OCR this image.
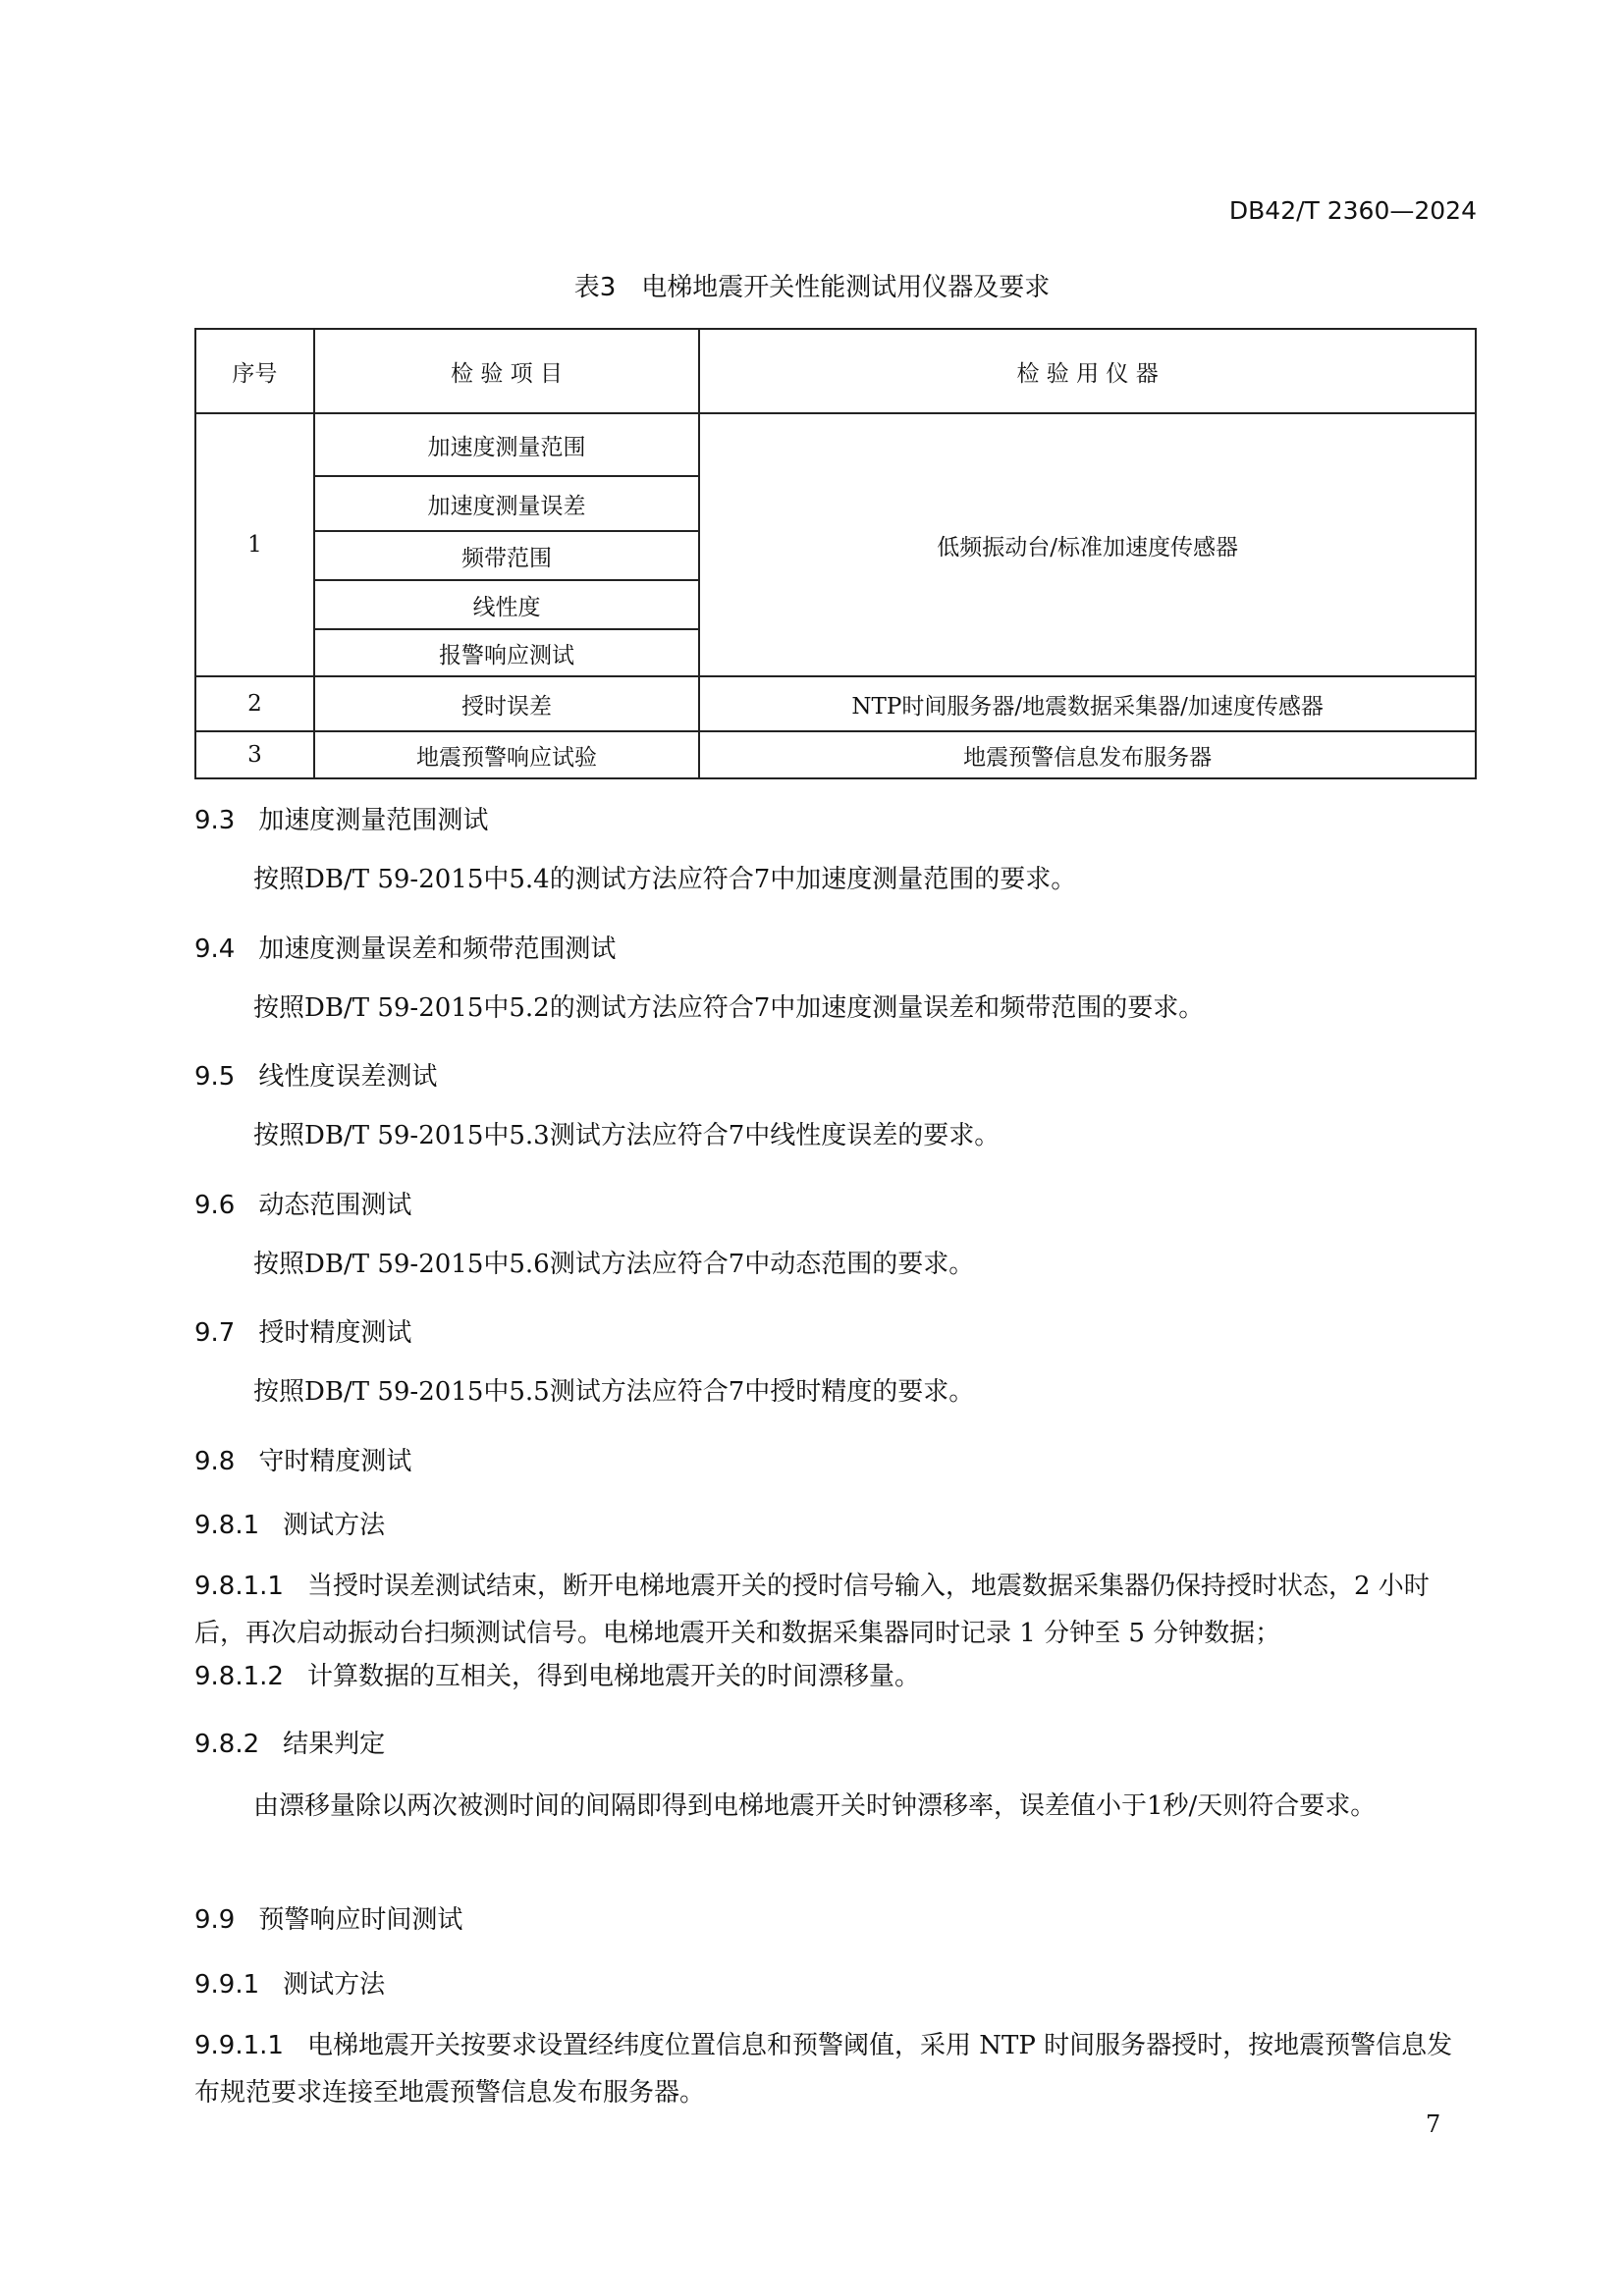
DB42/T 2360—2024
表3　电梯地震开关性能测试用仪器及要求
序号	检 验 项 目	检 验 用 仪 器
1	加速度测量范围	低频振动台/标准加速度传感器
	加速度测量误差	
	频带范围	
	线性度	
	报警响应测试	
2	授时误差	NTP时间服务器/地震数据采集器/加速度传感器
3	地震预警响应试验	地震预警信息发布服务器
9.3 加速度测量范围测试
按照DB/T 59-2015中5.4的测试方法应符合7中加速度测量范围的要求。
9.4 加速度测量误差和频带范围测试
按照DB/T 59-2015中5.2的测试方法应符合7中加速度测量误差和频带范围的要求。
9.5 线性度误差测试
按照DB/T 59-2015中5.3测试方法应符合7中线性度误差的要求。
9.6 动态范围测试
按照DB/T 59-2015中5.6测试方法应符合7中动态范围的要求。
9.7 授时精度测试
按照DB/T 59-2015中5.5测试方法应符合7中授时精度的要求。
9.8 守时精度测试
9.8.1 测试方法
9.8.1.1 当授时误差测试结束，断开电梯地震开关的授时信号输入，地震数据采集器仍保持授时状态，2 小时后，再次启动振动台扫频测试信号。电梯地震开关和数据采集器同时记录 1 分钟至 5 分钟数据；
9.8.1.2 计算数据的互相关，得到电梯地震开关的时间漂移量。
9.8.2 结果判定
由漂移量除以两次被测时间的间隔即得到电梯地震开关时钟漂移率，误差值小于1秒/天则符合要求。
9.9 预警响应时间测试
9.9.1 测试方法
9.9.1.1 电梯地震开关按要求设置经纬度位置信息和预警阈值，采用 NTP 时间服务器授时，按地震预警信息发布规范要求连接至地震预警信息发布服务器。
7
